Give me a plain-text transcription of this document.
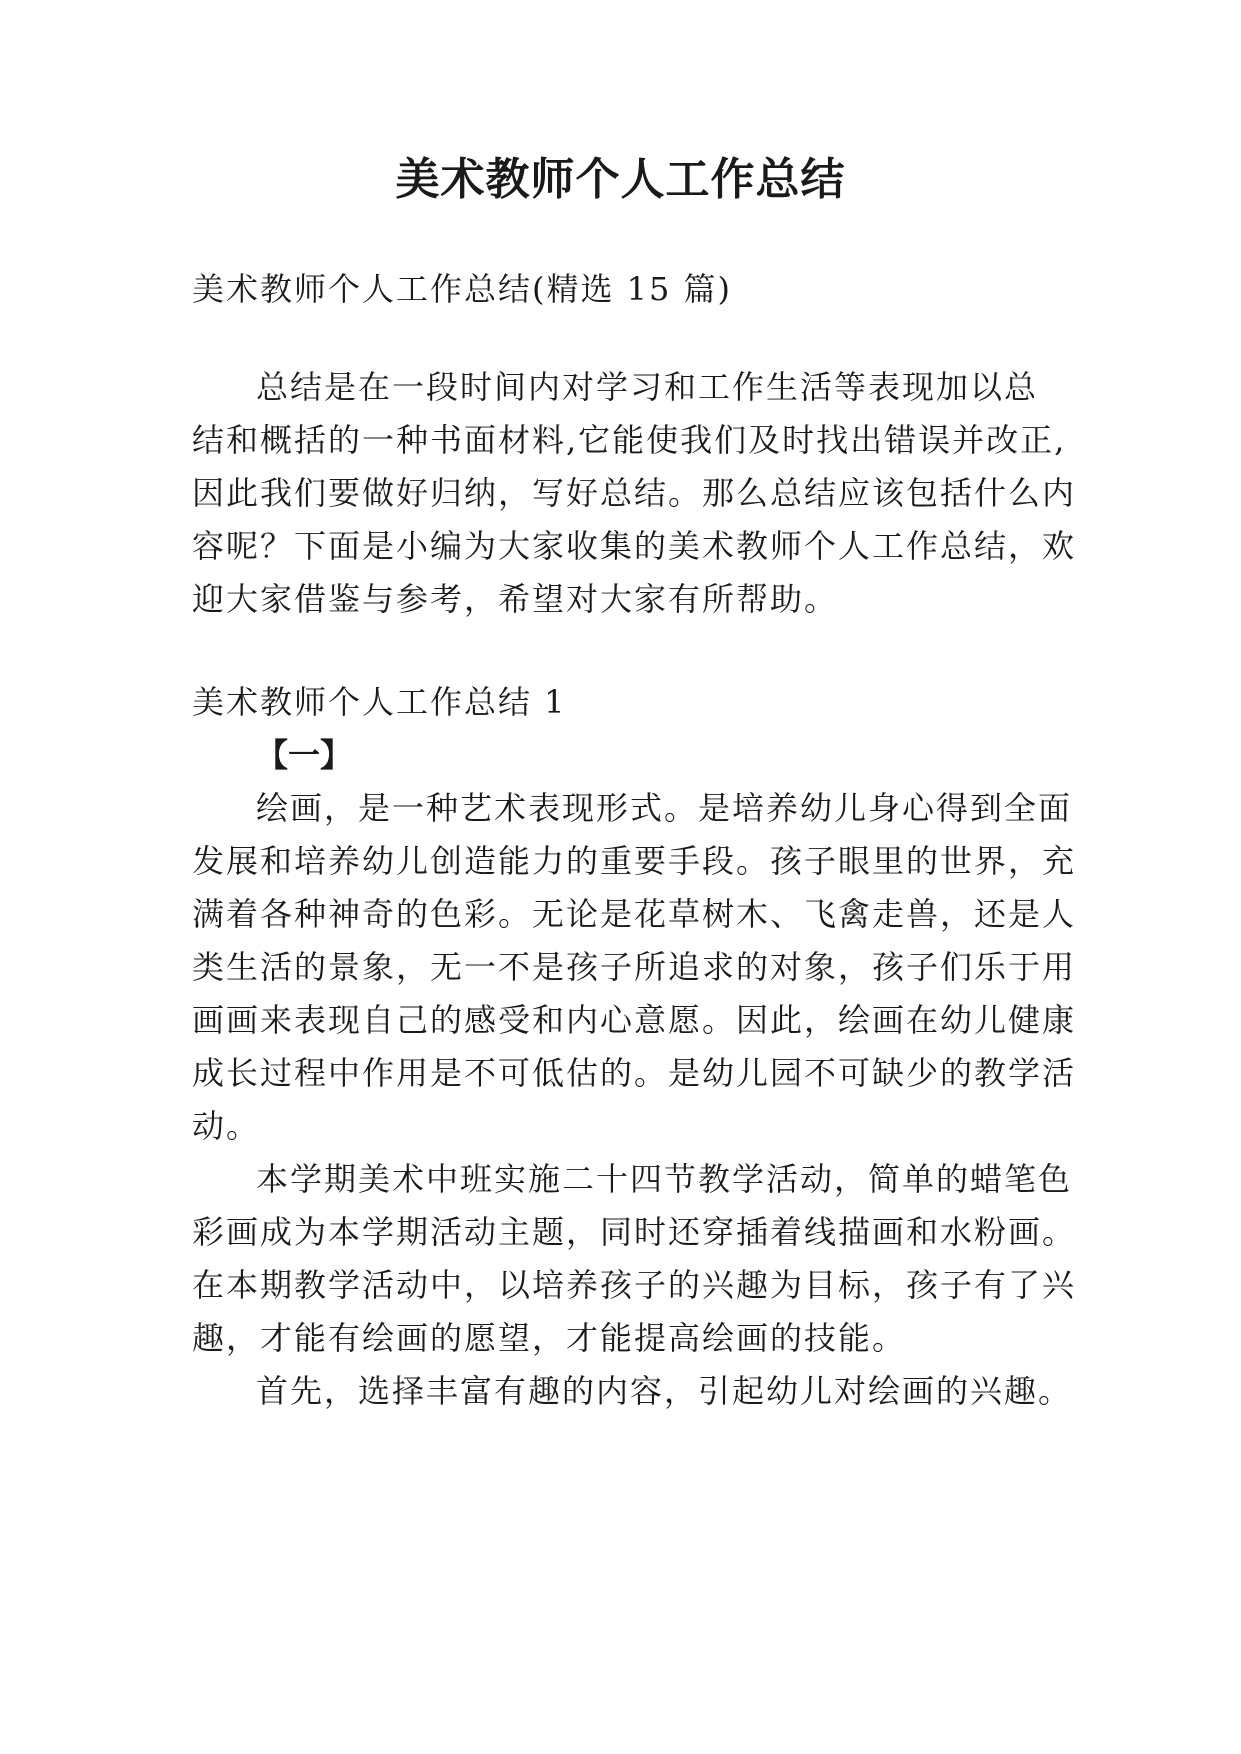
美术教师个人工作总结
美术教师个人工作总结(精选 15 篇)
总结是在一段时间内对学习和工作生活等表现加以总
结和概括的一种书面材料,它能使我们及时找出错误并改正,
因此我们要做好归纳，写好总结。那么总结应该包括什么内
容呢？下面是小编为大家收集的美术教师个人工作总结，欢
迎大家借鉴与参考，希望对大家有所帮助。
美术教师个人工作总结 1
【一】
绘画，是一种艺术表现形式。是培养幼儿身心得到全面
发展和培养幼儿创造能力的重要手段。孩子眼里的世界，充
满着各种神奇的色彩。无论是花草树木、飞禽走兽，还是人
类生活的景象，无一不是孩子所追求的对象，孩子们乐于用
画画来表现自己的感受和内心意愿。因此，绘画在幼儿健康
成长过程中作用是不可低估的。是幼儿园不可缺少的教学活
动。
本学期美术中班实施二十四节教学活动，简单的蜡笔色
彩画成为本学期活动主题，同时还穿插着线描画和水粉画。
在本期教学活动中，以培养孩子的兴趣为目标，孩子有了兴
趣，才能有绘画的愿望，才能提高绘画的技能。
首先，选择丰富有趣的内容，引起幼儿对绘画的兴趣。
